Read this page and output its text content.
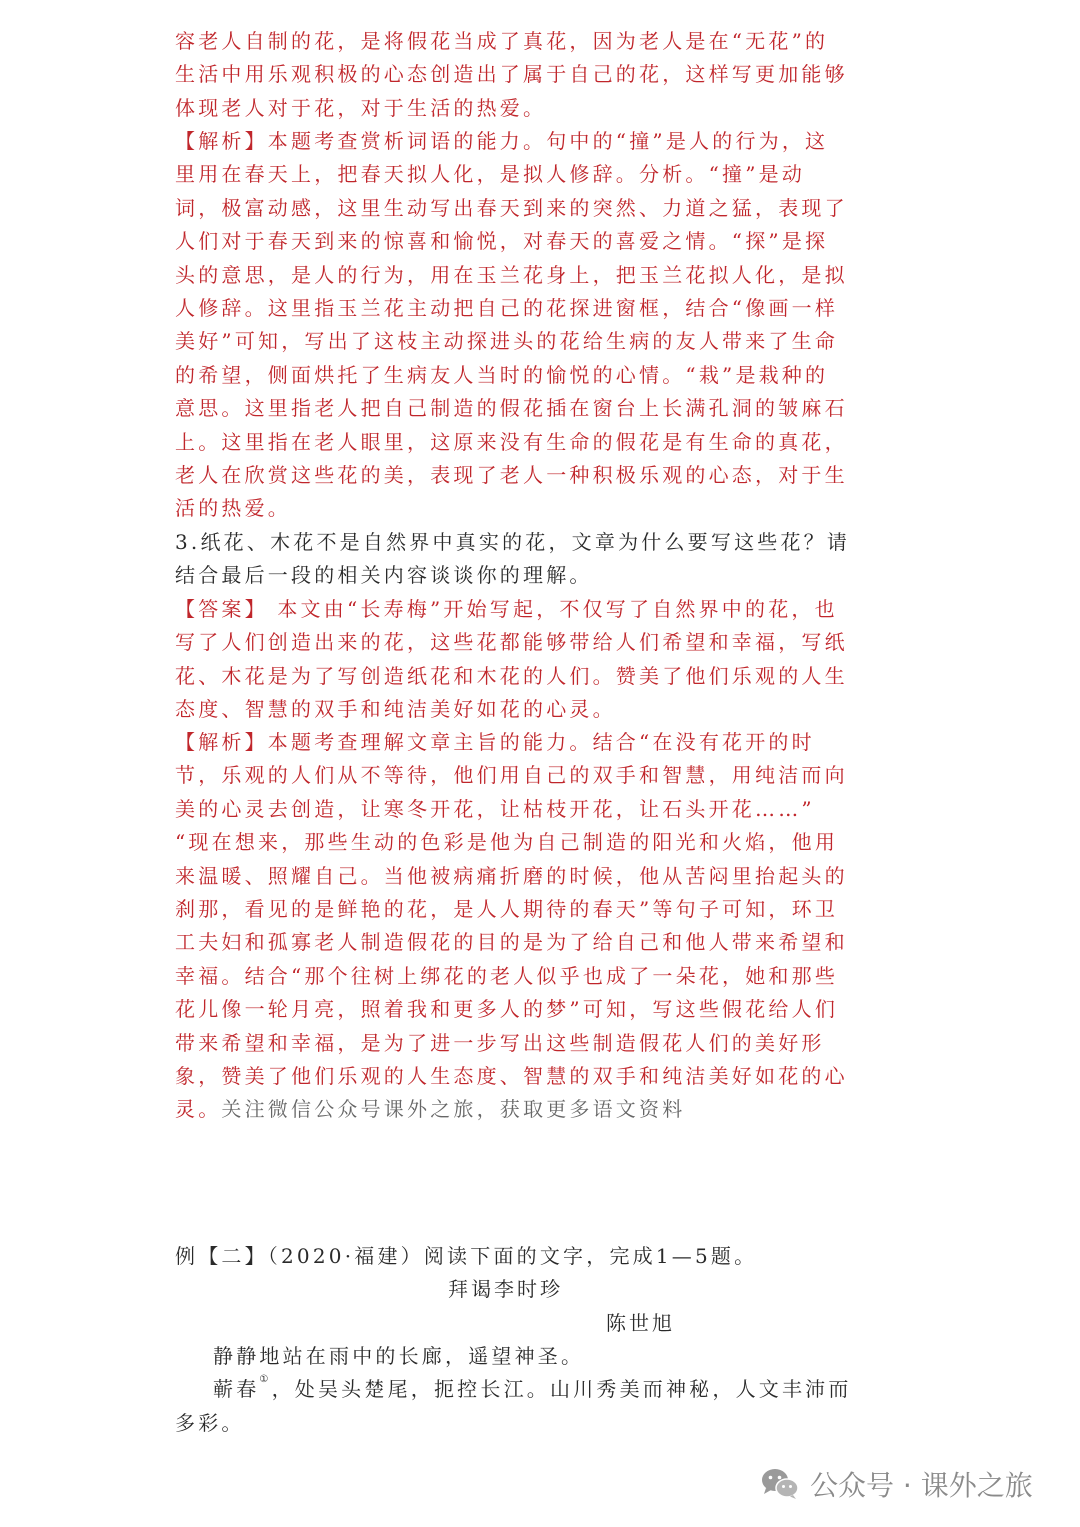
容老人自制的花，是将假花当成了真花，因为老人是在“无花”的
生活中用乐观积极的心态创造出了属于自己的花，这样写更加能够
体现老人对于花，对于生活的热爱。
【解析】本题考查赏析词语的能力。句中的“撞”是人的行为，这
里用在春天上，把春天拟人化，是拟人修辞。分析。“撞”是动
词，极富动感，这里生动写出春天到来的突然、力道之猛，表现了
人们对于春天到来的惊喜和愉悦，对春天的喜爱之情。“探”是探
头的意思，是人的行为，用在玉兰花身上，把玉兰花拟人化，是拟
人修辞。这里指玉兰花主动把自己的花探进窗框，结合“像画一样
美好”可知，写出了这枝主动探进头的花给生病的友人带来了生命
的希望，侧面烘托了生病友人当时的愉悦的心情。“栽”是栽种的
意思。这里指老人把自己制造的假花插在窗台上长满孔洞的皱麻石
上。这里指在老人眼里，这原来没有生命的假花是有生命的真花，
老人在欣赏这些花的美，表现了老人一种积极乐观的心态，对于生
活的热爱。
3.纸花、木花不是自然界中真实的花，文章为什么要写这些花？请
结合最后一段的相关内容谈谈你的理解。
【答案】 本文由“长寿梅”开始写起，不仅写了自然界中的花，也
写了人们创造出来的花，这些花都能够带给人们希望和幸福，写纸
花、木花是为了写创造纸花和木花的人们。赞美了他们乐观的人生
态度、智慧的双手和纯洁美好如花的心灵。
【解析】本题考查理解文章主旨的能力。结合“在没有花开的时
节，乐观的人们从不等待，他们用自己的双手和智慧，用纯洁而向
美的心灵去创造，让寒冬开花，让枯枝开花，让石头开花……”
“现在想来，那些生动的色彩是他为自己制造的阳光和火焰，他用
来温暖、照耀自己。当他被病痛折磨的时候，他从苦闷里抬起头的
刹那，看见的是鲜艳的花，是人人期待的春天”等句子可知，环卫
工夫妇和孤寡老人制造假花的目的是为了给自己和他人带来希望和
幸福。结合“那个往树上绑花的老人似乎也成了一朵花，她和那些
花儿像一轮月亮，照着我和更多人的梦”可知，写这些假花给人们
带来希望和幸福，是为了进一步写出这些制造假花人们的美好形
象，赞美了他们乐观的人生态度、智慧的双手和纯洁美好如花的心
灵。关注微信公众号课外之旅，获取更多语文资料
例【二】（2020·福建）阅读下面的文字，完成1—5题。
拜谒李时珍
陈世旭
静静地站在雨中的长廊，遥望神圣。
蕲春①，处吴头楚尾，扼控长江。山川秀美而神秘，人文丰沛而
多彩。
公众号 · 课外之旅
